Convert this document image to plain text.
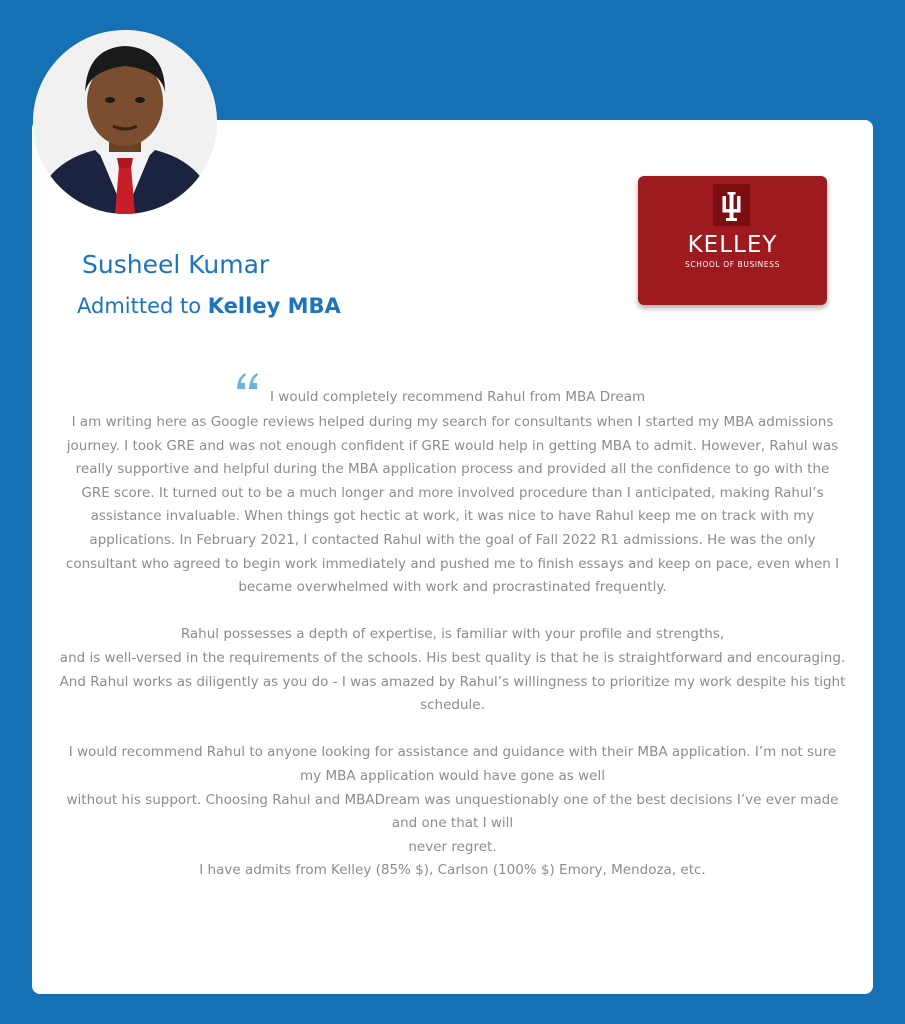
Susheel Kumar
Admitted to Kelley MBA
KELLEY
SCHOOL OF BUSINESS
I would completely recommend Rahul from MBA Dream
I am writing here as Google reviews helped during my search for consultants when I started my MBA admissions
journey. I took GRE and was not enough confident if GRE would help in getting MBA to admit. However, Rahul was
really supportive and helpful during the MBA application process and provided all the confidence to go with the
GRE score. It turned out to be a much longer and more involved procedure than I anticipated, making Rahul’s
assistance invaluable. When things got hectic at work, it was nice to have Rahul keep me on track with my
applications. In February 2021, I contacted Rahul with the goal of Fall 2022 R1 admissions. He was the only
consultant who agreed to begin work immediately and pushed me to finish essays and keep on pace, even when I
became overwhelmed with work and procrastinated frequently.
Rahul possesses a depth of expertise, is familiar with your profile and strengths,
and is well-versed in the requirements of the schools. His best quality is that he is straightforward and encouraging.
And Rahul works as diligently as you do - I was amazed by Rahul’s willingness to prioritize my work despite his tight
schedule.
I would recommend Rahul to anyone looking for assistance and guidance with their MBA application. I’m not sure
my MBA application would have gone as well
without his support. Choosing Rahul and MBADream was unquestionably one of the best decisions I’ve ever made
and one that I will
never regret.
I have admits from Kelley (85% $), Carlson (100% $) Emory, Mendoza, etc.
